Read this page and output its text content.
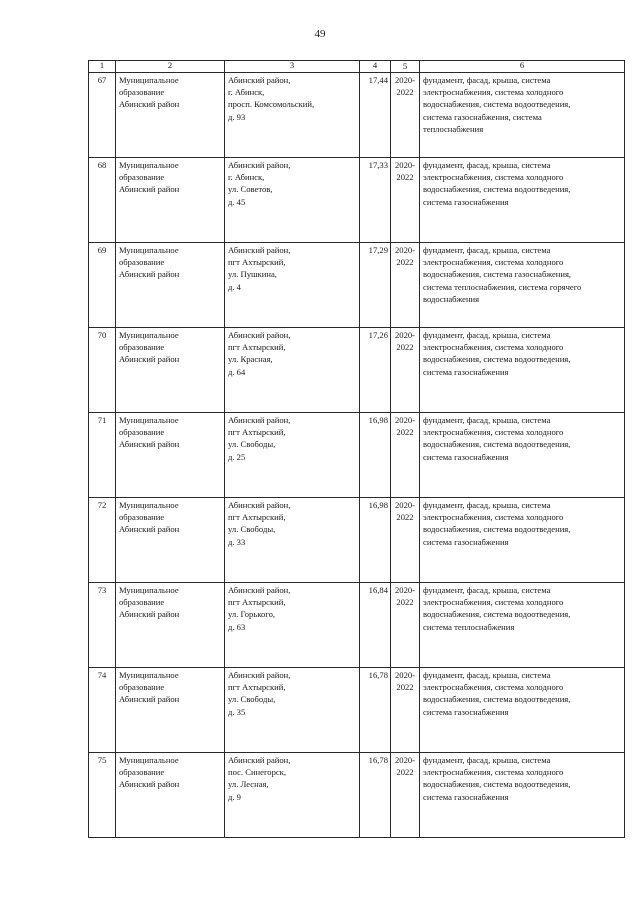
49
1	2	3	4	5	6
67	Муниципальное
образование
Абинский район	Абинский район,
г. Абинск,
просп. Комсомольский,
д. 93	17,44	2020-
2022	фундамент, фасад, крыша, система
электроснабжения, система холодного
водоснабжения, система водоотведения,
система газоснабжения, система
теплоснабжения

68	Муниципальное
образование
Абинский район	Абинский район,
г. Абинск,
ул. Советов,
д. 45	17,33	2020-
2022	фундамент, фасад, крыша, система
электроснабжения, система холодного
водоснабжения, система водоотведения,
система газоснабжения

69	Муниципальное
образование
Абинский район	Абинский район,
пгт Ахтырский,
ул. Пушкина,
д. 4	17,29	2020-
2022	фундамент, фасад, крыша, система
электроснабжения, система холодного
водоснабжения, система газоснабжения,
система теплоснабжения, система горячего
водоснабжения

70	Муниципальное
образование
Абинский район	Абинский район,
пгт Ахтырский,
ул. Красная,
д. 64	17,26	2020-
2022	фундамент, фасад, крыша, система
электроснабжения, система холодного
водоснабжения, система водоотведения,
система газоснабжения

71	Муниципальное
образование
Абинский район	Абинский район,
пгт Ахтырский,
ул. Свободы,
д. 25	16,98	2020-
2022	фундамент, фасад, крыша, система
электроснабжения, система холодного
водоснабжения, система водоотведения,
система газоснабжения

72	Муниципальное
образование
Абинский район	Абинский район,
пгт Ахтырский,
ул. Свободы,
д. 33	16,98	2020-
2022	фундамент, фасад, крыша, система
электроснабжения, система холодного
водоснабжения, система водоотведения,
система газоснабжения

73	Муниципальное
образование
Абинский район	Абинский район,
пгт Ахтырский,
ул. Горького,
д. 63	16,84	2020-
2022	фундамент, фасад, крыша, система
электроснабжения, система холодного
водоснабжения, система водоотведения,
система теплоснабжения

74	Муниципальное
образование
Абинский район	Абинский район,
пгт Ахтырский,
ул. Свободы,
д. 35	16,78	2020-
2022	фундамент, фасад, крыша, система
электроснабжения, система холодного
водоснабжения, система водоотведения,
система газоснабжения

75	Муниципальное
образование
Абинский район	Абинский район,
пос. Синегорск,
ул. Лесная,
д. 9	16,78	2020-
2022	фундамент, фасад, крыша, система
электроснабжения, система холодного
водоснабжения, система водоотведения,
система газоснабжения
